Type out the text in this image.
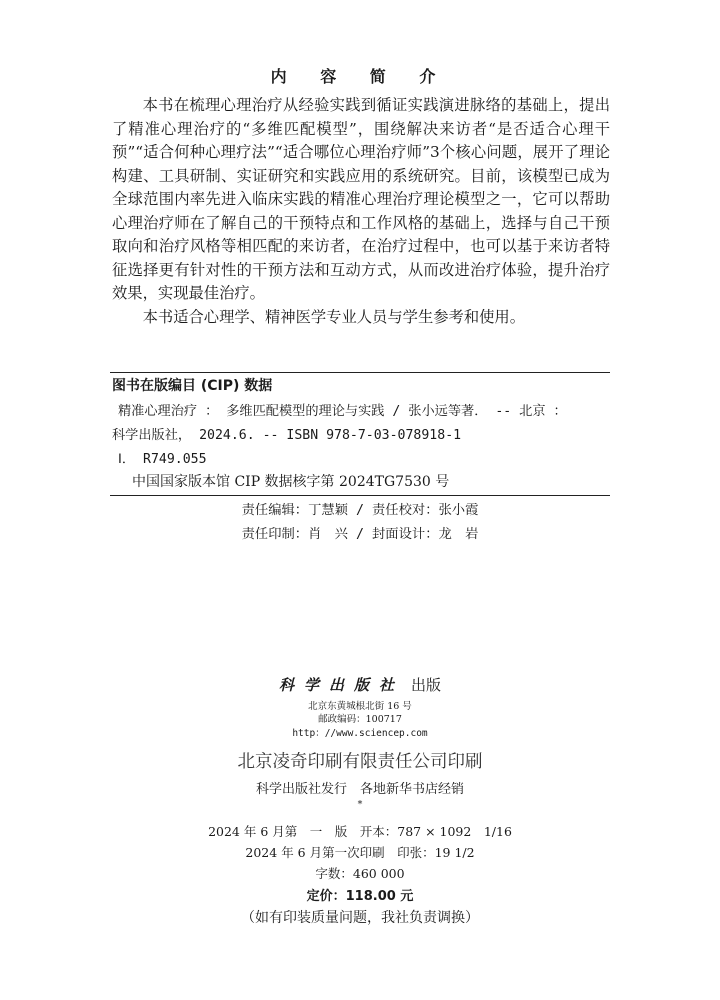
内 容 简 介

本书在梳理心理治疗从经验实践到循证实践演进脉络的基础上，提出了精准心理治疗的“多维匹配模型”，围绕解决来访者“是否适合心理干预”“适合何种心理疗法”“适合哪位心理治疗师”3个核心问题，展开了理论构建、工具研制、实证研究和实践应用的系统研究。目前，该模型已成为全球范围内率先进入临床实践的精准心理治疗理论模型之一，它可以帮助心理治疗师在了解自己的干预特点和工作风格的基础上，选择与自己干预取向和治疗风格等相匹配的来访者，在治疗过程中，也可以基于来访者特征选择更有针对性的干预方法和互动方式，从而改进治疗体验，提升治疗效果，实现最佳治疗。

本书适合心理学、精神医学专业人员与学生参考和使用。

图书在版编目 (CIP) 数据
精准心理治疗 ： 多维匹配模型的理论与实践 / 张小远等著． -- 北京 ：
科学出版社， 2024.6. -- ISBN 978-7-03-078918-1
Ⅰ． R749.055
中国国家版本馆 CIP 数据核字第 2024TG7530 号
责任编辑：丁慧颖 / 责任校对：张小霞
责任印制：肖　兴 / 封面设计：龙　岩
科学出版社 出版
北京东黄城根北街 16 号
邮政编码：100717
http：//www.sciencep.com
北京凌奇印刷有限责任公司印刷
科学出版社发行　各地新华书店经销
*
2024 年 6 月第　一　版　开本：787 × 1092　1/16
2024 年 6 月第一次印刷　印张：19 1/2
字数：460 000
定价：118.00 元
（如有印装质量问题，我社负责调换）
